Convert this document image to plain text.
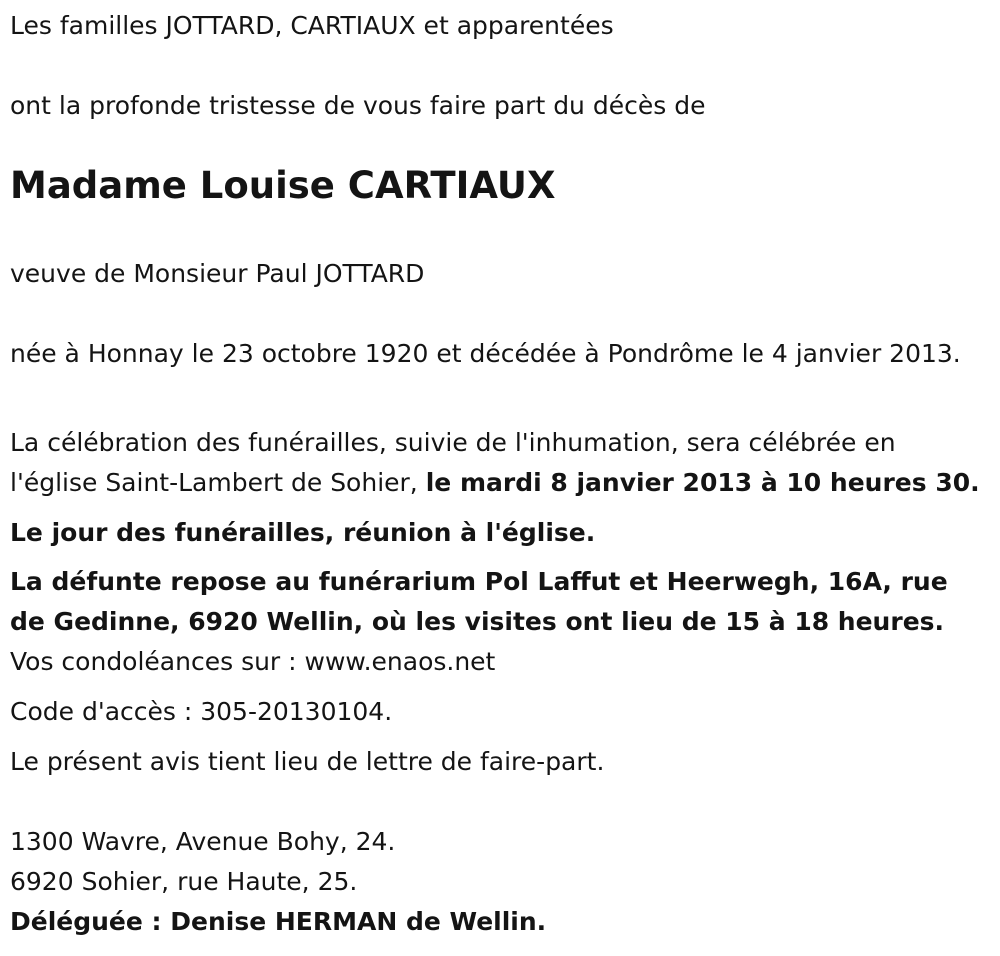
Les familles JOTTARD, CARTIAUX et apparentées
ont la profonde tristesse de vous faire part du décès de
Madame Louise CARTIAUX
veuve de Monsieur Paul JOTTARD
née à Honnay le 23 octobre 1920 et décédée à Pondrôme le 4 janvier 2013.
La célébration des funérailles, suivie de l'inhumation, sera célébrée en l'église Saint-Lambert de Sohier, le mardi 8 janvier 2013 à 10 heures 30.
Le jour des funérailles, réunion à l'église.
La défunte repose au funérarium Pol Laffut et Heerwegh, 16A, rue de Gedinne, 6920 Wellin, où les visites ont lieu de 15 à 18 heures. Vos condoléances sur : www.enaos.net
Code d'accès : 305-20130104.
Le présent avis tient lieu de lettre de faire-part.
1300 Wavre, Avenue Bohy, 24.
6920 Sohier, rue Haute, 25.
Déléguée : Denise HERMAN de Wellin.
